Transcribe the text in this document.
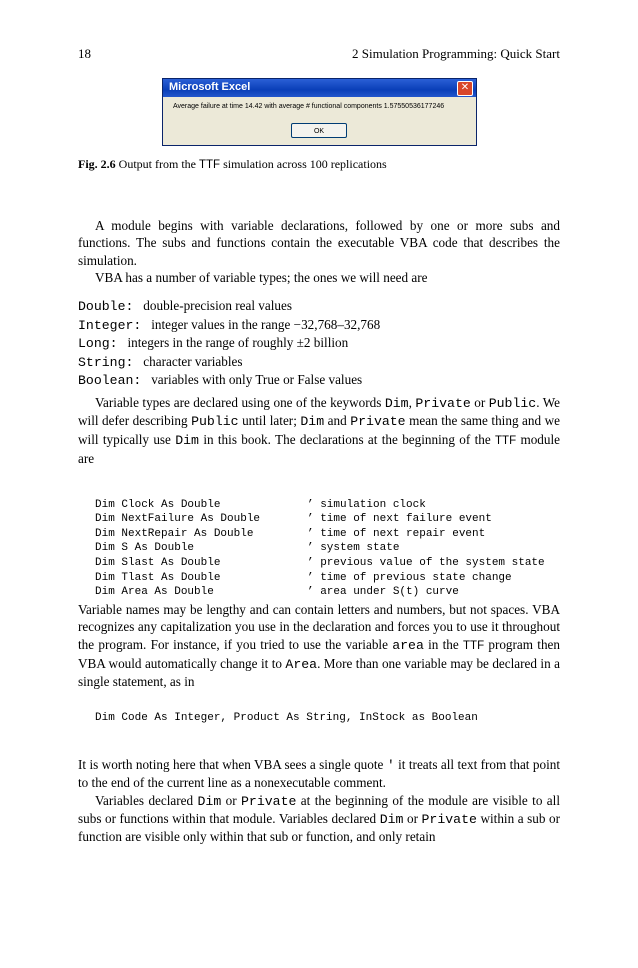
18	2 Simulation Programming: Quick Start
Microsoft Excel	✕
Average failure at time 14.42 with average # functional components 1.57550536177246
OK
Fig. 2.6 Output from the TTF simulation across 100 replications

A module begins with variable declarations, followed by one or more subs and functions. The subs and functions contain the executable VBA code that describes the simulation.

VBA has a number of variable types; the ones we will need are

Double: double-precision real values
Integer: integer values in the range −32,768–32,768
Long: integers in the range of roughly ±2 billion
String: character variables
Boolean: variables with only True or False values

Variable types are declared using one of the keywords Dim, Private or Public. We will defer describing Public until later; Dim and Private mean the same thing and we will typically use Dim in this book. The declarations at the beginning of the TTF module are

Dim Clock As Double	’ simulation clock
Dim NextFailure As Double	’ time of next failure event
Dim NextRepair As Double	’ time of next repair event
Dim S As Double	’ system state
Dim Slast As Double	’ previous value of the system state
Dim Tlast As Double	’ time of previous state change
Dim Area As Double	’ area under S(t) curve

Variable names may be lengthy and can contain letters and numbers, but not spaces. VBA recognizes any capitalization you use in the declaration and forces you to use it throughout the program. For instance, if you tried to use the variable area in the TTF program then VBA would automatically change it to Area. More than one variable may be declared in a single statement, as in

Dim Code As Integer, Product As String, InStock as Boolean

It is worth noting here that when VBA sees a single quote ' it treats all text from that point to the end of the current line as a nonexecutable comment.

Variables declared Dim or Private at the beginning of the module are visible to all subs or functions within that module. Variables declared Dim or Private within a sub or function are visible only within that sub or function, and only retain
